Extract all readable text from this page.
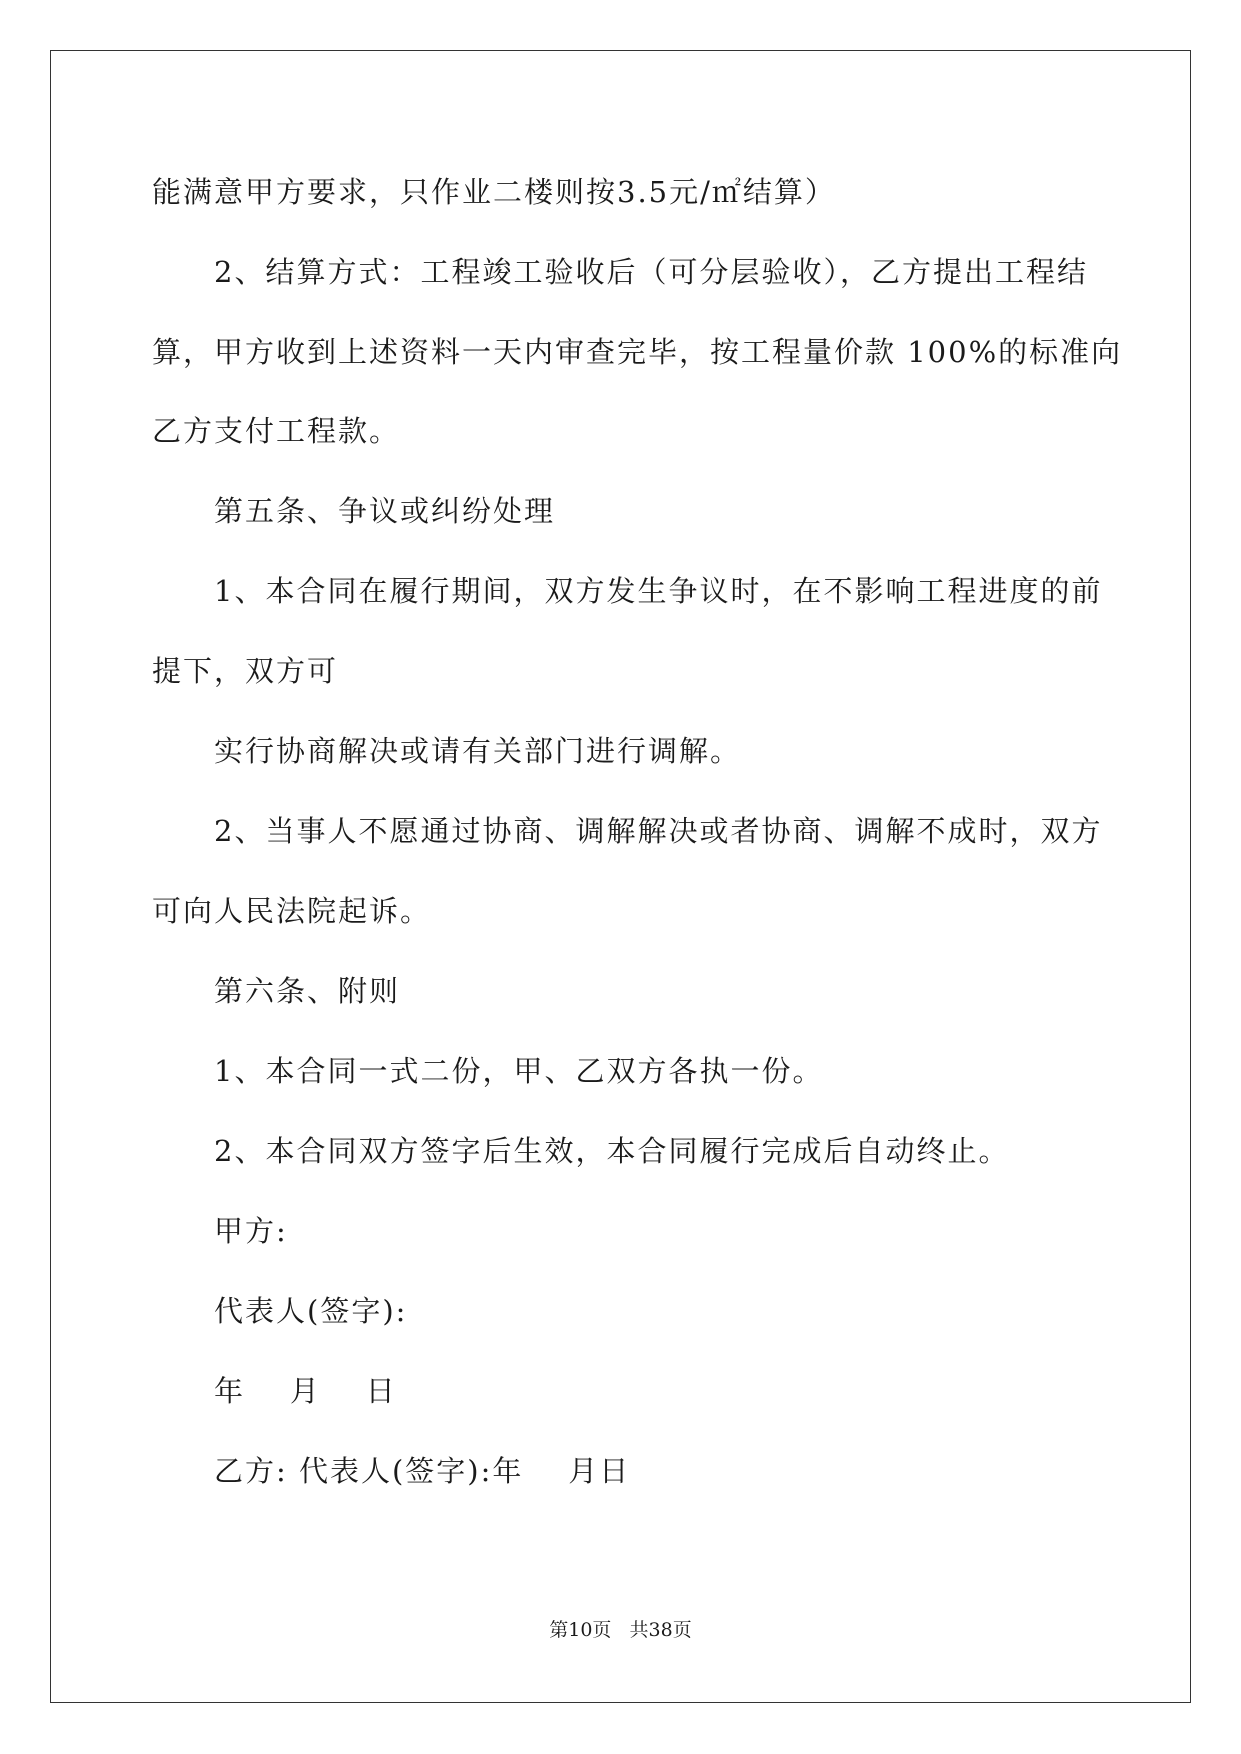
能满意甲方要求，只作业二楼则按3.5元/㎡结算）
2、结算方式：工程竣工验收后（可分层验收），乙方提出工程结
算，甲方收到上述资料一天内审查完毕，按工程量价款 100%的标准向
乙方支付工程款。
第五条、争议或纠纷处理
1、本合同在履行期间，双方发生争议时，在不影响工程进度的前
提下，双方可
实行协商解决或请有关部门进行调解。
2、当事人不愿通过协商、调解解决或者协商、调解不成时，双方
可向人民法院起诉。
第六条、附则
1、本合同一式二份，甲、乙双方各执一份。
2、本合同双方签字后生效，本合同履行完成后自动终止。
甲方:
代表人(签字):
年    月    日
乙方: 代表人(签字):年    月日
第10页   共38页
